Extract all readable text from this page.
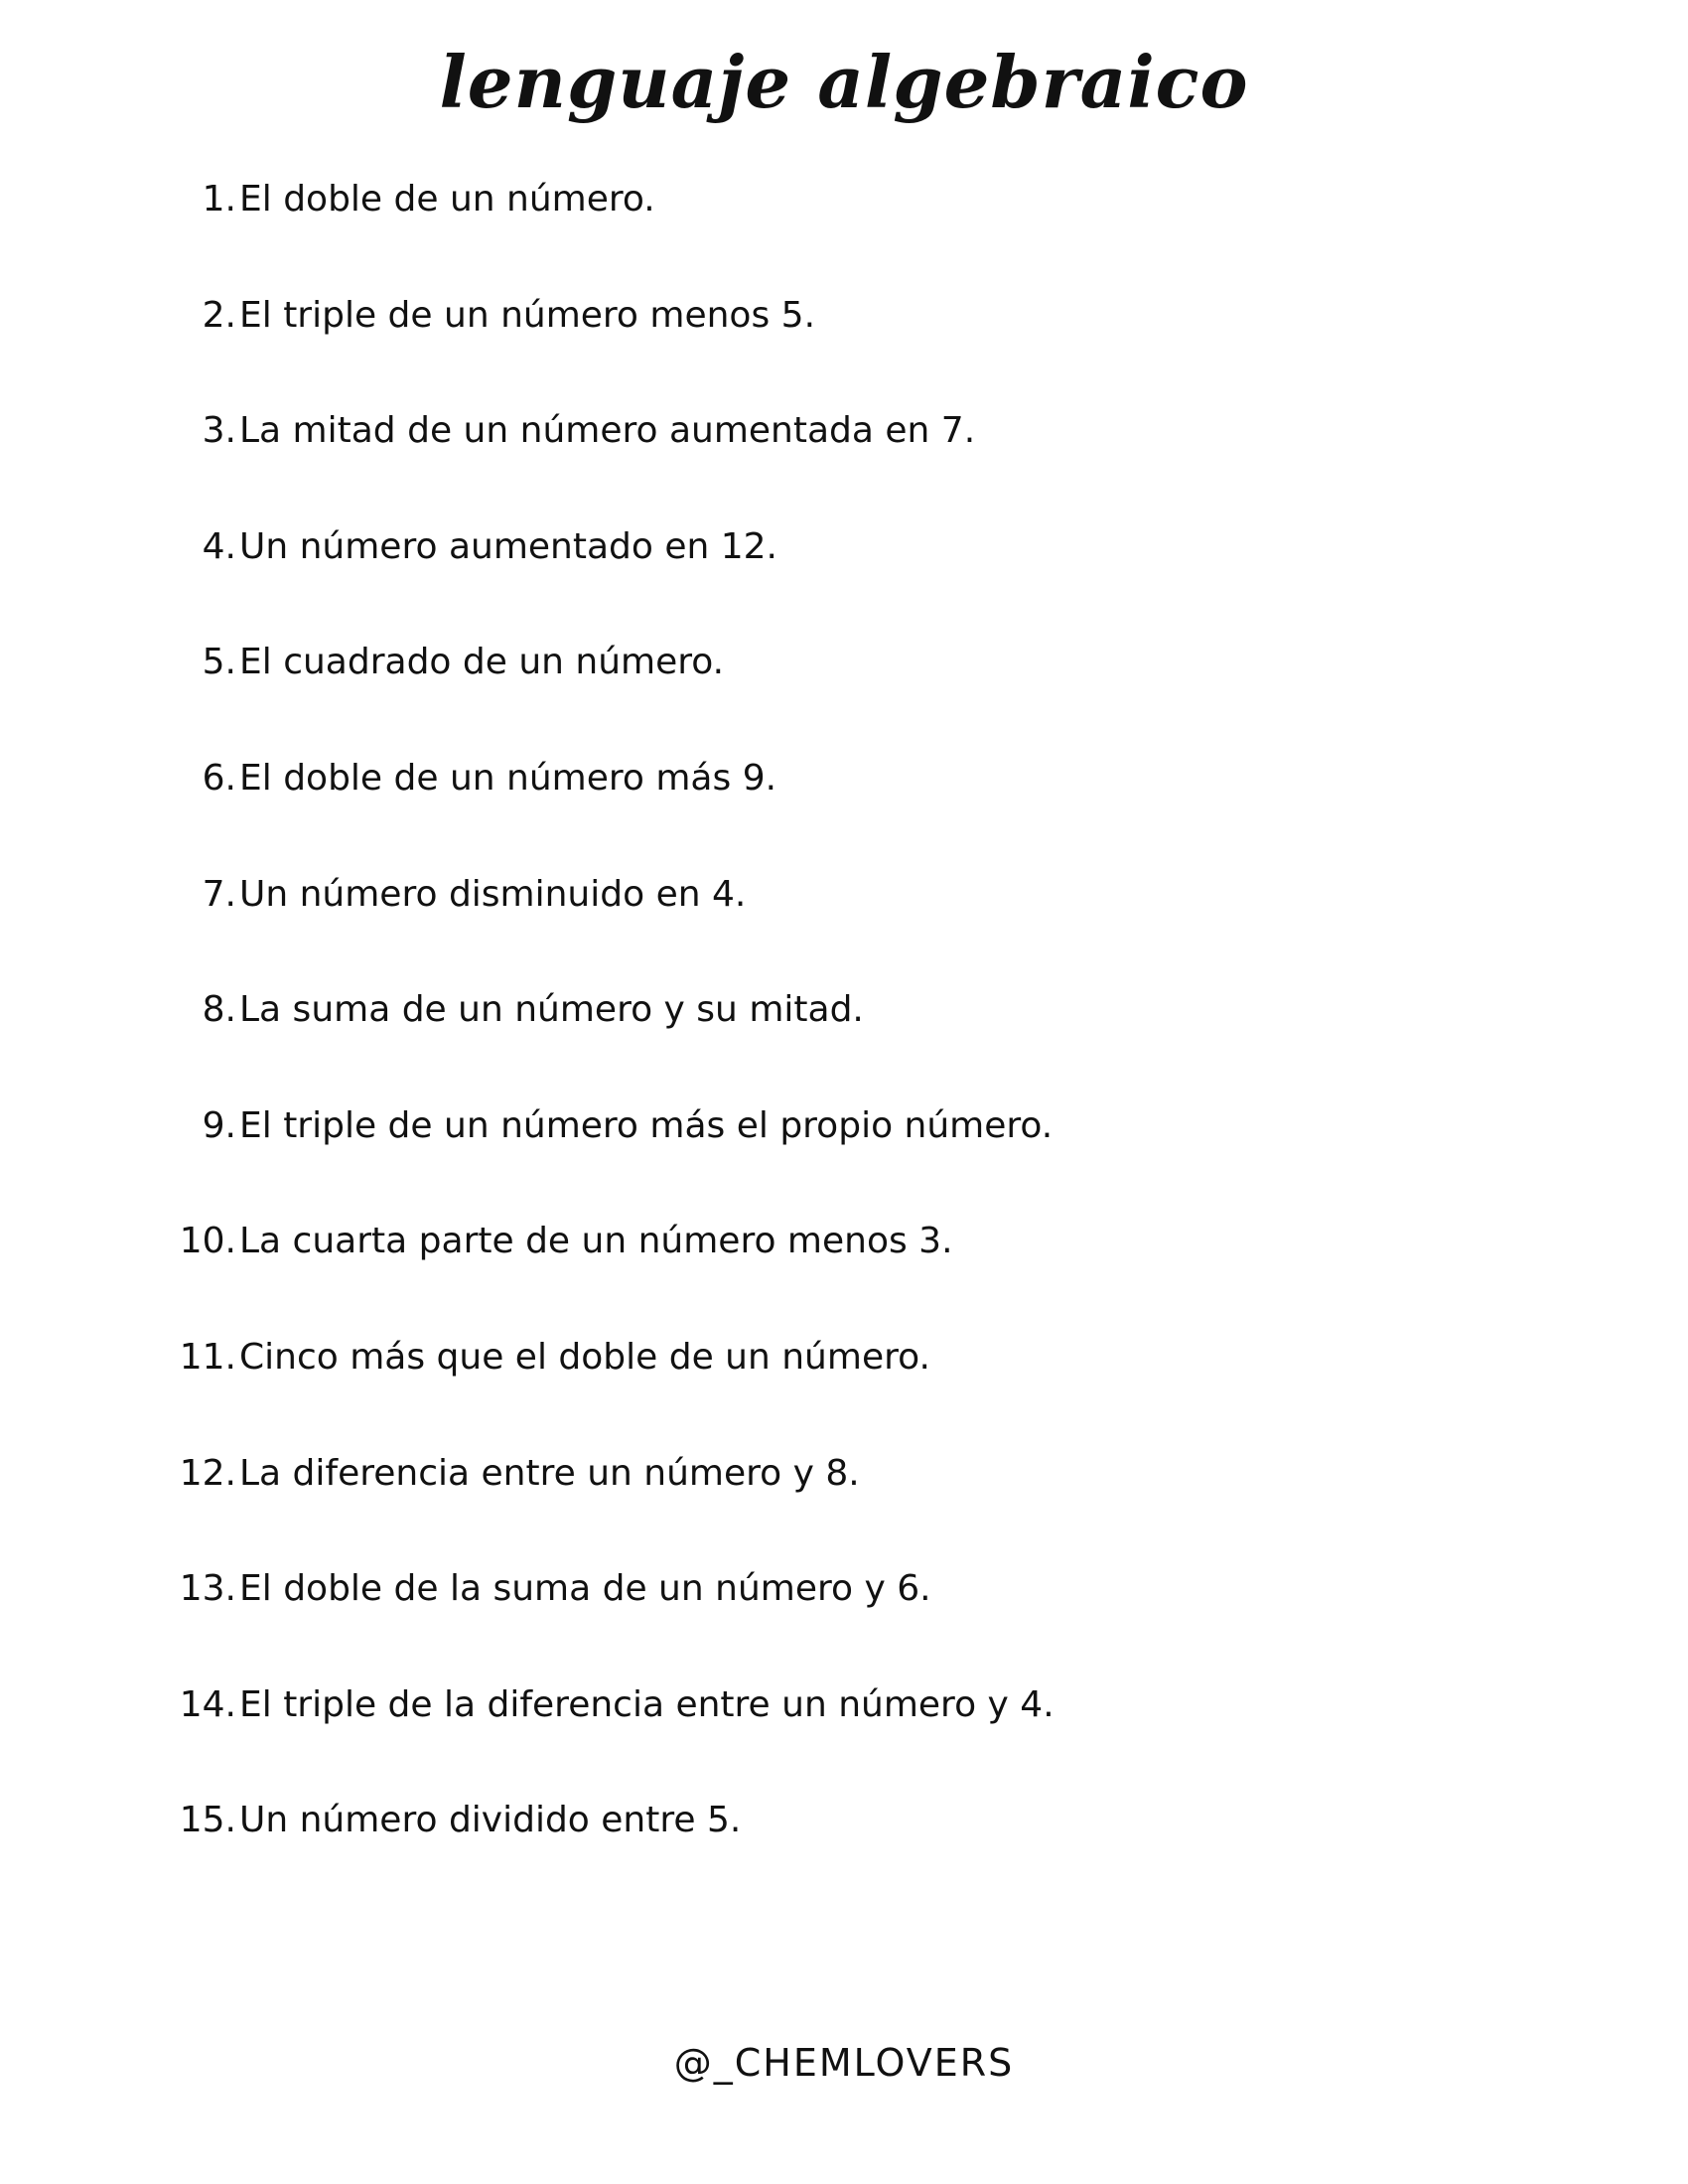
lenguaje algebraico
1. El doble de un número.
2. El triple de un número menos 5.
3. La mitad de un número aumentada en 7.
4. Un número aumentado en 12.
5. El cuadrado de un número.
6. El doble de un número más 9.
7. Un número disminuido en 4.
8. La suma de un número y su mitad.
9. El triple de un número más el propio número.
10. La cuarta parte de un número menos 3.
11. Cinco más que el doble de un número.
12. La diferencia entre un número y 8.
13. El doble de la suma de un número y 6.
14. El triple de la diferencia entre un número y 4.
15. Un número dividido entre 5.
@_CHEMLOVERS
